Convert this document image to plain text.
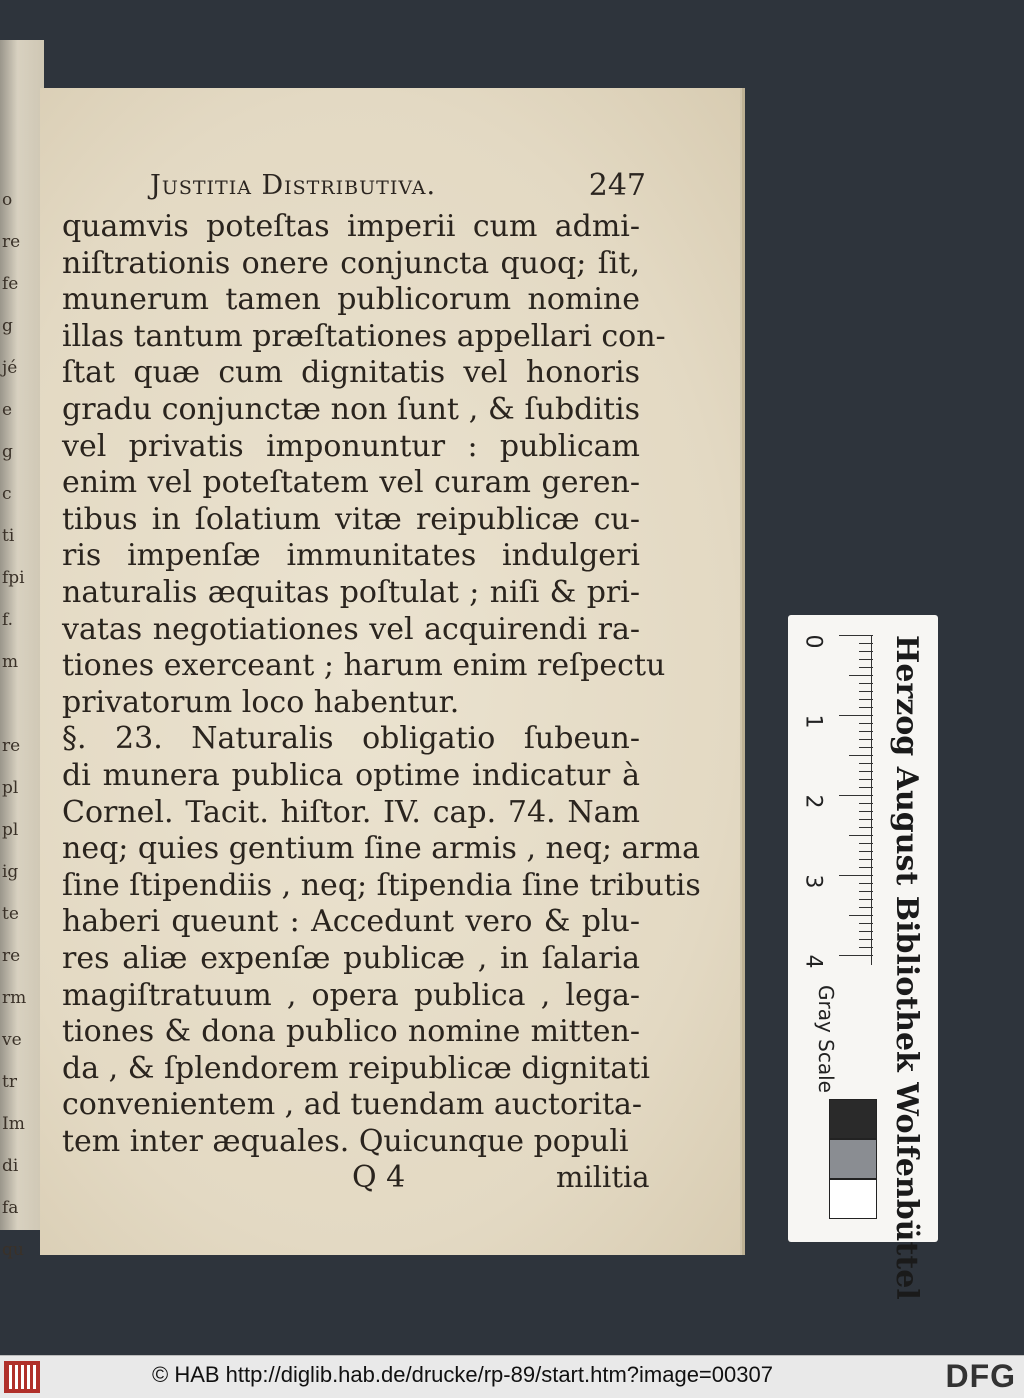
o
re
fe
g
jé
e
g
c
ti
fpi
f.
m
re
pl
pl
ig
te
re
rm
ve
tr
Im
di
fa
qu
Justitia Distributiva.	247
quamvis poteſtas imperii cum admi-
niſtrationis onere conjuncta quoq; ſit,
munerum tamen publicorum nomine
illas tantum præſtationes appellari con-
ſtat quæ cum dignitatis vel honoris
gradu conjunctæ non ſunt , & ſubditis
vel privatis imponuntur : publicam
enim vel poteſtatem vel curam geren-
tibus in ſolatium vitæ reipublicæ cu-
ris impenſæ immunitates indulgeri
naturalis æquitas poſtulat ; niſi & pri-
vatas negotiationes vel acquirendi ra-
tiones exerceant ; harum enim reſpectu
privatorum loco habentur.
§. 23. Naturalis obligatio ſubeun-
di munera publica optime indicatur à
Cornel. Tacit. hiſtor. IV. cap. 74. Nam
neq; quies gentium ſine armis , neq; arma
ſine ſtipendiis , neq; ſtipendia ſine tributis
haberi queunt : Accedunt vero & plu-
res aliæ expenſæ publicæ , in ſalaria
magiſtratuum , opera publica , lega-
tiones & dona publico nomine mitten-
da , & ſplendorem reipublicæ dignitati
convenientem , ad tuendam auctorita-
tem inter æquales. Quicunque populi
Q 4	militia
0
1
2
3
4
Gray Scale Herzog August Bibliothek Wolfenbüttel
© HAB http://diglib.hab.de/drucke/rp-89/start.htm?image=00307	DFG
